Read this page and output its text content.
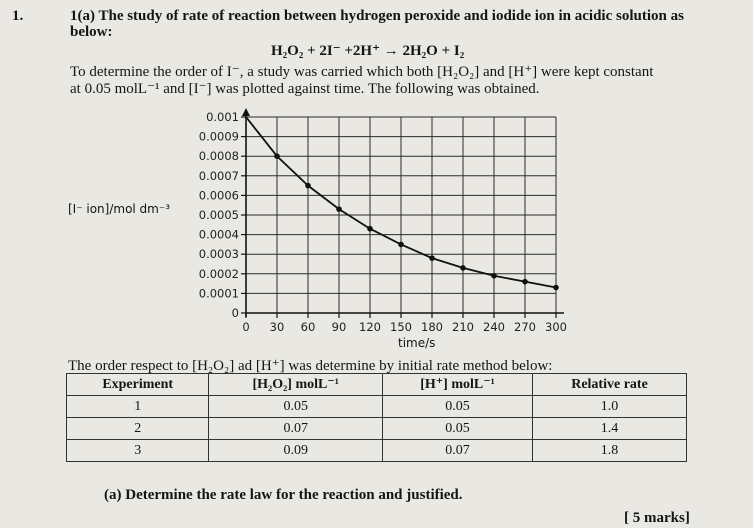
1.	1(a) The study of rate of reaction between hydrogen peroxide and iodide ion in acidic solution as
below:
H₂O₂ + 2I⁻ +2H⁺ → 2H₂O + I₂
To determine the order of I⁻, a study was carried which both [H₂O₂] and [H⁺] were kept constant
at 0.05 molL⁻¹ and [I⁻] was plotted against time. The following was obtained.
0 30 60 90 120 150 180 210 240 270 300
0
0.0001
0.0002
0.0003
0.0004
0.0005
0.0006
0.0007
0.0008
0.0009
0.001
[I⁻ ion]/mol dm⁻³
time/s
The order respect to [H₂O₂] ad [H⁺] was determine by initial rate method below:
Experiment	[H₂O₂] molL⁻¹	[H⁺] molL⁻¹	Relative rate
1	0.05	0.05	1.0
2	0.07	0.05	1.4
3	0.09	0.07	1.8
(a) Determine the rate law for the reaction and justified.
[ 5 marks]
